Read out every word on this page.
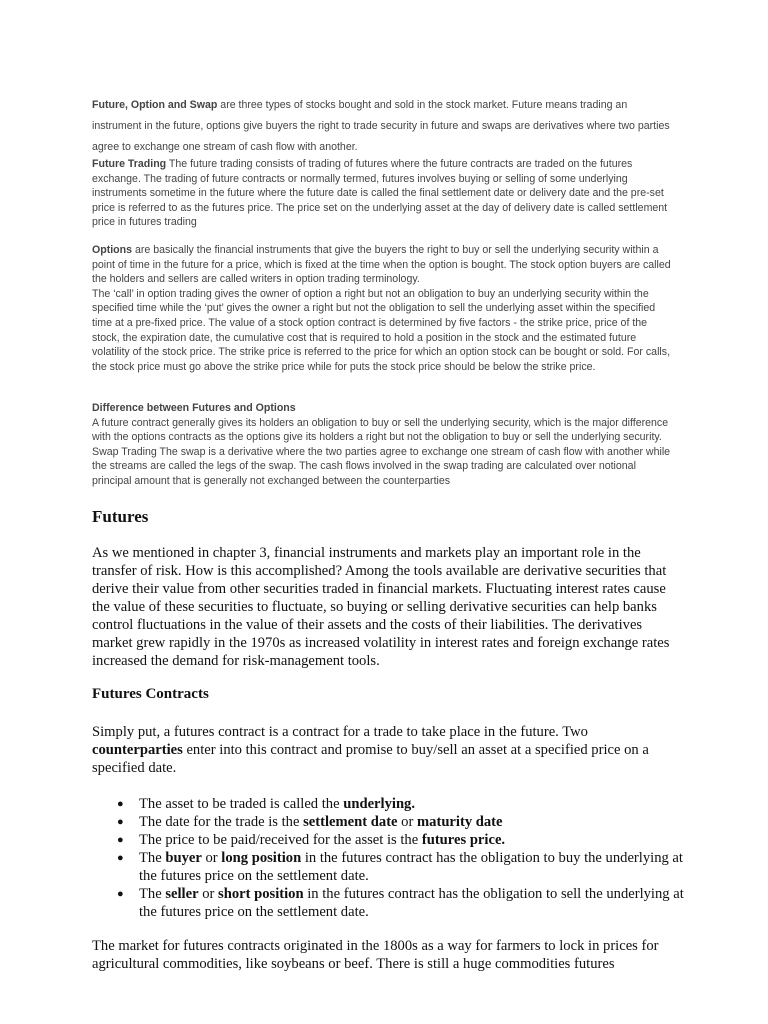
Future, Option and Swap are three types of stocks bought and sold in the stock market. Future means trading an instrument in the future, options give buyers the right to trade security in future and swaps are derivatives where two parties agree to exchange one stream of cash flow with another.

Future Trading The future trading consists of trading of futures where the future contracts are traded on the futures exchange. The trading of future contracts or normally termed, futures involves buying or selling of some underlying instruments sometime in the future where the future date is called the final settlement date or delivery date and the pre-set price is referred to as the futures price. The price set on the underlying asset at the day of delivery date is called settlement price in futures trading

Options are basically the financial instruments that give the buyers the right to buy or sell the underlying security within a point of time in the future for a price, which is fixed at the time when the option is bought. The stock option buyers are called the holders and sellers are called writers in option trading terminology.

The ‘call’ in option trading gives the owner of option a right but not an obligation to buy an underlying security within the specified time while the ‘put’ gives the owner a right but not the obligation to sell the underlying asset within the specified time at a pre-fixed price. The value of a stock option contract is determined by five factors - the strike price, price of the stock, the expiration date, the cumulative cost that is required to hold a position in the stock and the estimated future volatility of the stock price. The strike price is referred to the price for which an option stock can be bought or sold. For calls, the stock price must go above the strike price while for puts the stock price should be below the strike price.

Difference between Futures and Options

A future contract generally gives its holders an obligation to buy or sell the underlying security, which is the major difference with the options contracts as the options give its holders a right but not the obligation to buy or sell the underlying security. Swap Trading The swap is a derivative where the two parties agree to exchange one stream of cash flow with another while the streams are called the legs of the swap. The cash flows involved in the swap trading are calculated over notional principal amount that is generally not exchanged between the counterparties

Futures

As we mentioned in chapter 3, financial instruments and markets play an important role in the transfer of risk. How is this accomplished? Among the tools available are derivative securities that derive their value from other securities traded in financial markets. Fluctuating interest rates cause the value of these securities to fluctuate, so buying or selling derivative securities can help banks control fluctuations in the value of their assets and the costs of their liabilities. The derivatives market grew rapidly in the 1970s as increased volatility in interest rates and foreign exchange rates increased the demand for risk-management tools.

Futures Contracts

Simply put, a futures contract is a contract for a trade to take place in the future. Two counterparties enter into this contract and promise to buy/sell an asset at a specified price on a specified date.

● The asset to be traded is called the underlying.
● The date for the trade is the settlement date or maturity date
● The price to be paid/received for the asset is the futures price.
● The buyer or long position in the futures contract has the obligation to buy the underlying at the futures price on the settlement date.
● The seller or short position in the futures contract has the obligation to sell the underlying at the futures price on the settlement date.

The market for futures contracts originated in the 1800s as a way for farmers to lock in prices for agricultural commodities, like soybeans or beef. There is still a huge commodities futures
